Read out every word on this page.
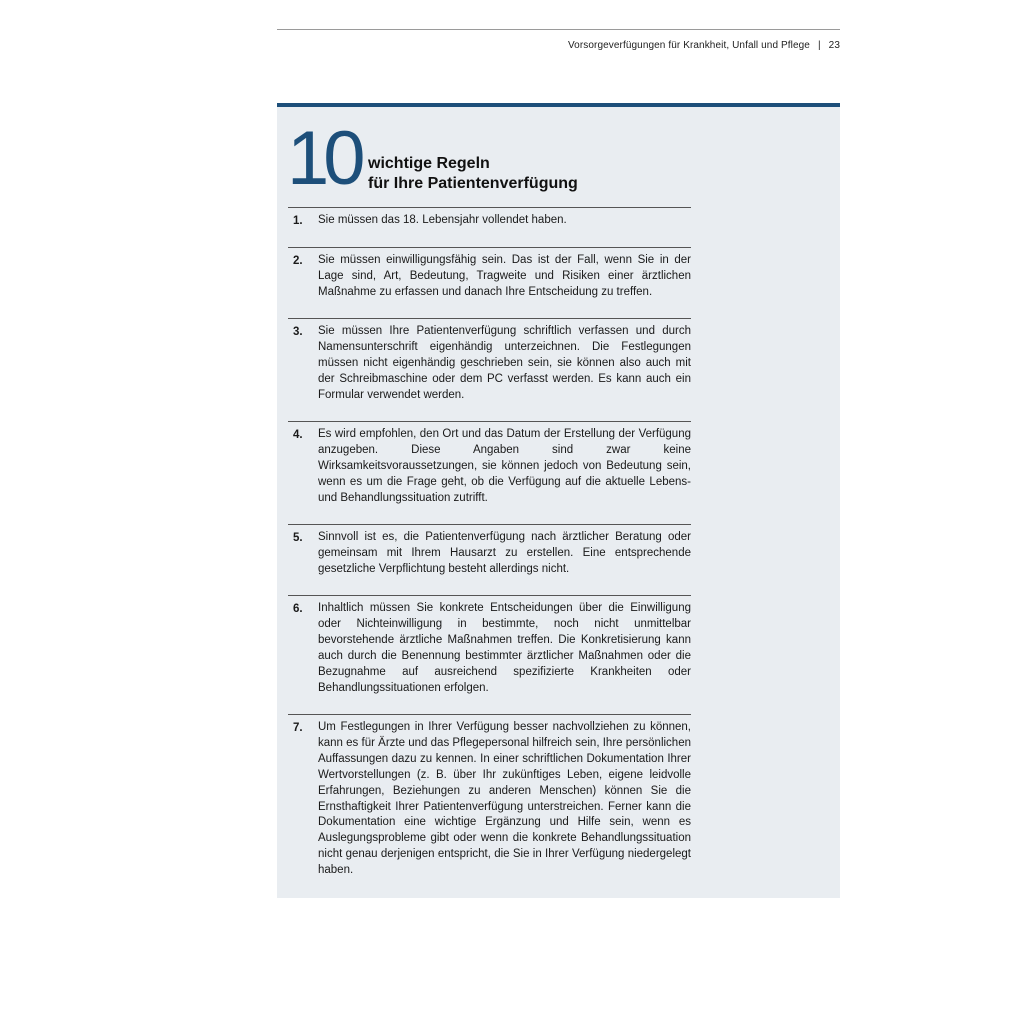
Vorsorgeverfügungen für Krankheit, Unfall und Pflege | 23
10 wichtige Regeln
für Ihre Patientenverfügung
1.	Sie müssen das 18. Lebensjahr vollendet haben.
2.	Sie müssen einwilligungsfähig sein. Das ist der Fall, wenn Sie in der Lage sind, Art, Bedeutung, Tragweite und Risiken einer ärztlichen Maßnahme zu erfassen und danach Ihre Entscheidung zu treffen.
3.	Sie müssen Ihre Patientenverfügung schriftlich verfassen und durch Namensunterschrift eigenhändig unterzeichnen. Die Festlegungen müssen nicht eigenhändig geschrieben sein, sie können also auch mit der Schreibmaschine oder dem PC verfasst werden. Es kann auch ein Formular verwendet werden.
4.	Es wird empfohlen, den Ort und das Datum der Erstellung der Verfügung anzugeben. Diese Angaben sind zwar keine Wirksamkeitsvoraussetzungen, sie können jedoch von Bedeutung sein, wenn es um die Frage geht, ob die Verfügung auf die aktuelle Lebens- und Behandlungssituation zutrifft.
5.	Sinnvoll ist es, die Patientenverfügung nach ärztlicher Beratung oder gemeinsam mit Ihrem Hausarzt zu erstellen. Eine entsprechende gesetzliche Verpflichtung besteht allerdings nicht.
6.	Inhaltlich müssen Sie konkrete Entscheidungen über die Einwilligung oder Nichteinwilligung in bestimmte, noch nicht unmittelbar bevorstehende ärztliche Maßnahmen treffen. Die Konkretisierung kann auch durch die Benennung bestimmter ärztlicher Maßnahmen oder die Bezugnahme auf ausreichend spezifizierte Krankheiten oder Behandlungssituationen erfolgen.
7.	Um Festlegungen in Ihrer Verfügung besser nachvollziehen zu können, kann es für Ärzte und das Pflegepersonal hilfreich sein, Ihre persönlichen Auffassungen dazu zu kennen. In einer schriftlichen Dokumentation Ihrer Wertvorstellungen (z. B. über Ihr zukünftiges Leben, eigene leidvolle Erfahrungen, Beziehungen zu anderen Menschen) können Sie die Ernsthaftigkeit Ihrer Patientenverfügung unterstreichen. Ferner kann die Dokumentation eine wichtige Ergänzung und Hilfe sein, wenn es Auslegungsprobleme gibt oder wenn die konkrete Behandlungssituation nicht genau derjenigen entspricht, die Sie in Ihrer Verfügung niedergelegt haben.
